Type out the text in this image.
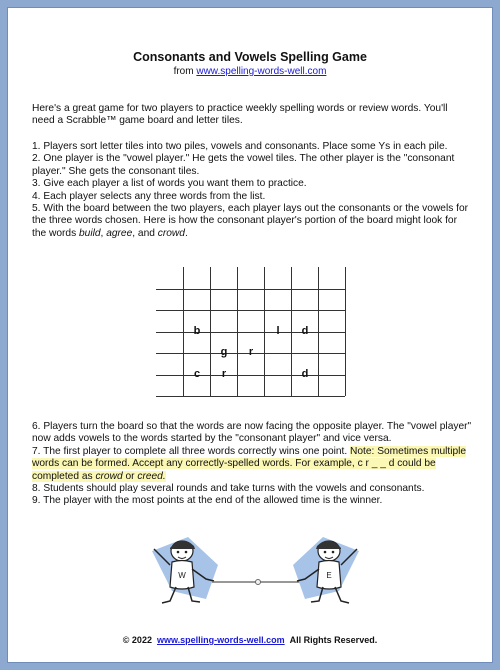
Consonants and Vowels Spelling Game
from www.spelling-words-well.com
Here's a great game for two players to practice weekly spelling words or review words. You'll need a Scrabble™ game board and letter tiles.

1. Players sort letter tiles into two piles, vowels and consonants. Place some Ys in each pile.

2. One player is the "vowel player." He gets the vowel tiles. The other player is the "consonant player." She gets the consonant tiles.

3. Give each player a list of words you want them to practice.

4. Each player selects any three words from the list.

5. With the board between the two players, each player lays out the consonants or the vowels for the three words chosen. Here is how the consonant player's portion of the board might look for the words build, agree, and crowd.

b	l	d
g	r
c	r	d

6. Players turn the board so that the words are now facing the opposite player. The "vowel player" now adds vowels to the words started by the "consonant player" and vice versa.

7. The first player to complete all three words correctly wins one point. Note: Sometimes multiple words can be formed. Accept any correctly-spelled words. For example, c r _ _ d could be completed as crowd or creed.

8. Students should play several rounds and take turns with the vowels and consonants.

9. The player with the most points at the end of the allowed time is the winner.

W	E
© 2022 www.spelling-words-well.com All Rights Reserved.
